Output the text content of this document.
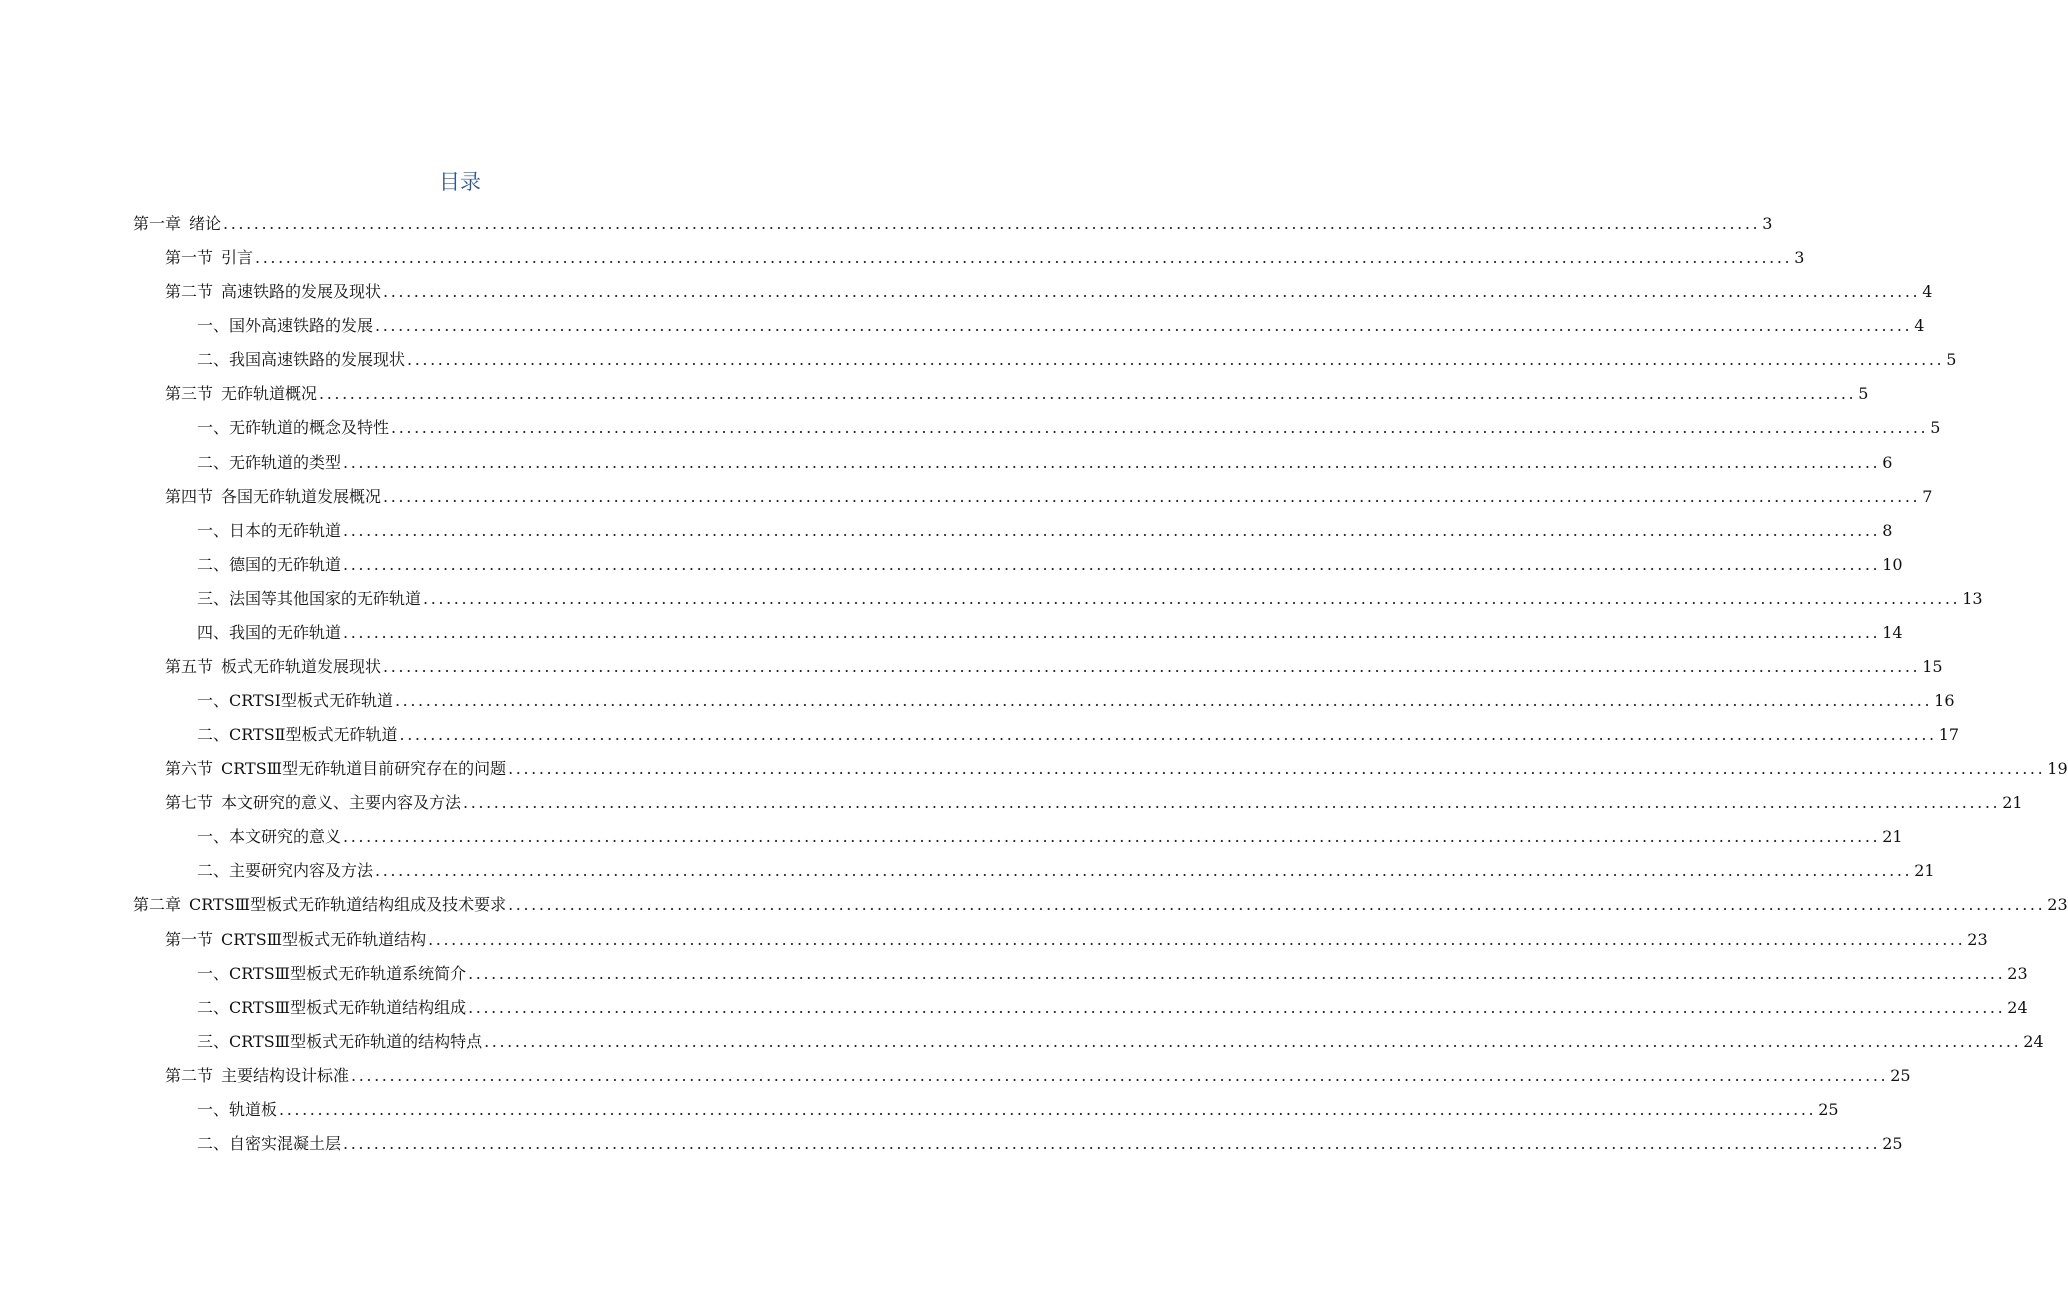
目录
第一章 绪论 ........................................................................................................................................................................................................ 3
第一节 引言 ........................................................................................................................................................................................................ 3
第二节 高速铁路的发展及现状 ........................................................................................................................................................................................................ 4
一、 国外高速铁路的发展 ........................................................................................................................................................................................................ 4
二、 我国高速铁路的发展现状 ........................................................................................................................................................................................................ 5
第三节 无砟轨道概况 ........................................................................................................................................................................................................ 5
一、 无砟轨道的概念及特性 ........................................................................................................................................................................................................ 5
二、 无砟轨道的类型 ........................................................................................................................................................................................................ 6
第四节 各国无砟轨道发展概况 ........................................................................................................................................................................................................ 7
一、 日本的无砟轨道 ........................................................................................................................................................................................................ 8
二、 德国的无砟轨道 ........................................................................................................................................................................................................ 10
三、 法国等其他国家的无砟轨道 ........................................................................................................................................................................................................ 13
四、 我国的无砟轨道 ........................................................................................................................................................................................................ 14
第五节 板式无砟轨道发展现状 ........................................................................................................................................................................................................ 15
一、 CRTSⅠ型板式无砟轨道 ........................................................................................................................................................................................................ 16
二、 CRTSⅡ型板式无砟轨道 ........................................................................................................................................................................................................ 17
第六节 CRTSⅢ型无砟轨道目前研究存在的问题 ........................................................................................................................................................................................................ 19
第七节 本文研究的意义、主要内容及方法 ........................................................................................................................................................................................................ 21
一、 本文研究的意义 ........................................................................................................................................................................................................ 21
二、 主要研究内容及方法 ........................................................................................................................................................................................................ 21
第二章 CRTSⅢ型板式无砟轨道结构组成及技术要求 ........................................................................................................................................................................................................ 23
第一节 CRTSⅢ型板式无砟轨道结构 ........................................................................................................................................................................................................ 23
一、 CRTSⅢ型板式无砟轨道系统简介 ........................................................................................................................................................................................................ 23
二、 CRTSⅢ型板式无砟轨道结构组成 ........................................................................................................................................................................................................ 24
三、 CRTSⅢ型板式无砟轨道的结构特点 ........................................................................................................................................................................................................ 24
第二节 主要结构设计标准 ........................................................................................................................................................................................................ 25
一、 轨道板 ........................................................................................................................................................................................................ 25
二、 自密实混凝土层 ........................................................................................................................................................................................................ 25
